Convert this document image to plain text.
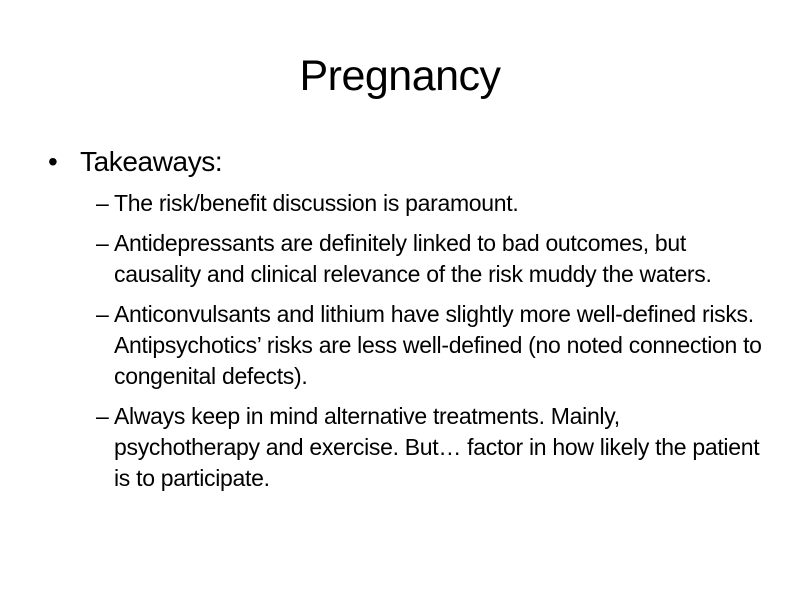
Pregnancy
• Takeaways:
– The risk/benefit discussion is paramount.
– Antidepressants are definitely linked to bad outcomes, but causality and clinical relevance of the risk muddy the waters.
– Anticonvulsants and lithium have slightly more well-defined risks. Antipsychotics’ risks are less well-defined (no noted connection to congenital defects).
– Always keep in mind alternative treatments. Mainly, psychotherapy and exercise. But… factor in how likely the patient is to participate.
